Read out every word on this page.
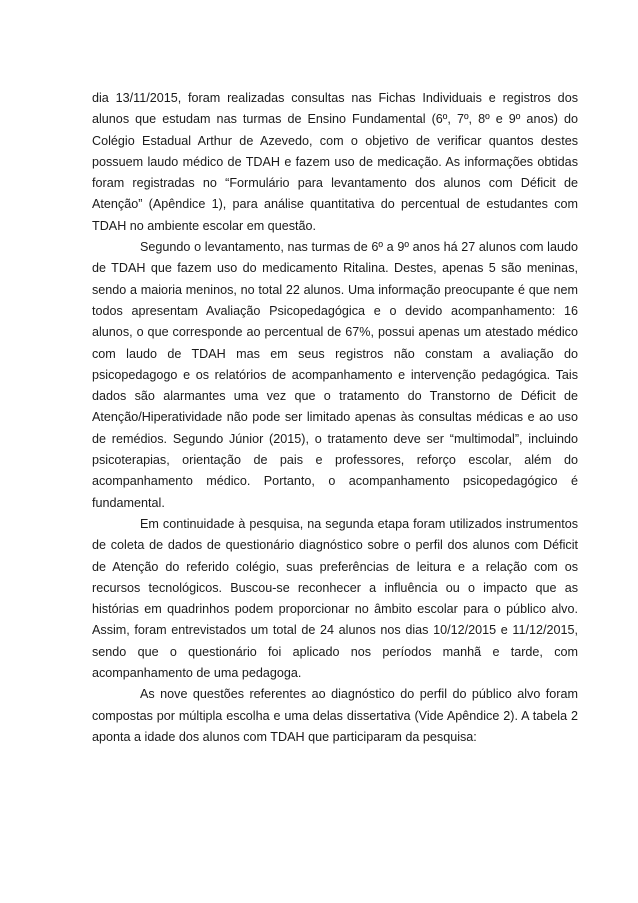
dia 13/11/2015, foram realizadas consultas nas Fichas Individuais e registros dos alunos que estudam nas turmas de Ensino Fundamental (6º, 7º, 8º e 9º anos) do Colégio Estadual Arthur de Azevedo, com o objetivo de verificar quantos destes possuem laudo médico de TDAH e fazem uso de medicação. As informações obtidas foram registradas no “Formulário para levantamento dos alunos com Déficit de Atenção” (Apêndice 1), para análise quantitativa do percentual de estudantes com TDAH no ambiente escolar em questão.

Segundo o levantamento, nas turmas de 6º a 9º anos há 27 alunos com laudo de TDAH que fazem uso do medicamento Ritalina. Destes, apenas 5 são meninas, sendo a maioria meninos, no total 22 alunos. Uma informação preocupante é que nem todos apresentam Avaliação Psicopedagógica e o devido acompanhamento: 16 alunos, o que corresponde ao percentual de 67%, possui apenas um atestado médico com laudo de TDAH mas em seus registros não constam a avaliação do psicopedagogo e os relatórios de acompanhamento e intervenção pedagógica. Tais dados são alarmantes uma vez que o tratamento do Transtorno de Déficit de Atenção/Hiperatividade não pode ser limitado apenas às consultas médicas e ao uso de remédios. Segundo Júnior (2015), o tratamento deve ser “multimodal”, incluindo psicoterapias, orientação de pais e professores, reforço escolar, além do acompanhamento médico. Portanto, o acompanhamento psicopedagógico é fundamental.

Em continuidade à pesquisa, na segunda etapa foram utilizados instrumentos de coleta de dados de questionário diagnóstico sobre o perfil dos alunos com Déficit de Atenção do referido colégio, suas preferências de leitura e a relação com os recursos tecnológicos. Buscou-se reconhecer a influência ou o impacto que as histórias em quadrinhos podem proporcionar no âmbito escolar para o público alvo. Assim, foram entrevistados um total de 24 alunos nos dias 10/12/2015 e 11/12/2015, sendo que o questionário foi aplicado nos períodos manhã e tarde, com acompanhamento de uma pedagoga.

As nove questões referentes ao diagnóstico do perfil do público alvo foram compostas por múltipla escolha e uma delas dissertativa (Vide Apêndice 2). A tabela 2 aponta a idade dos alunos com TDAH que participaram da pesquisa:
